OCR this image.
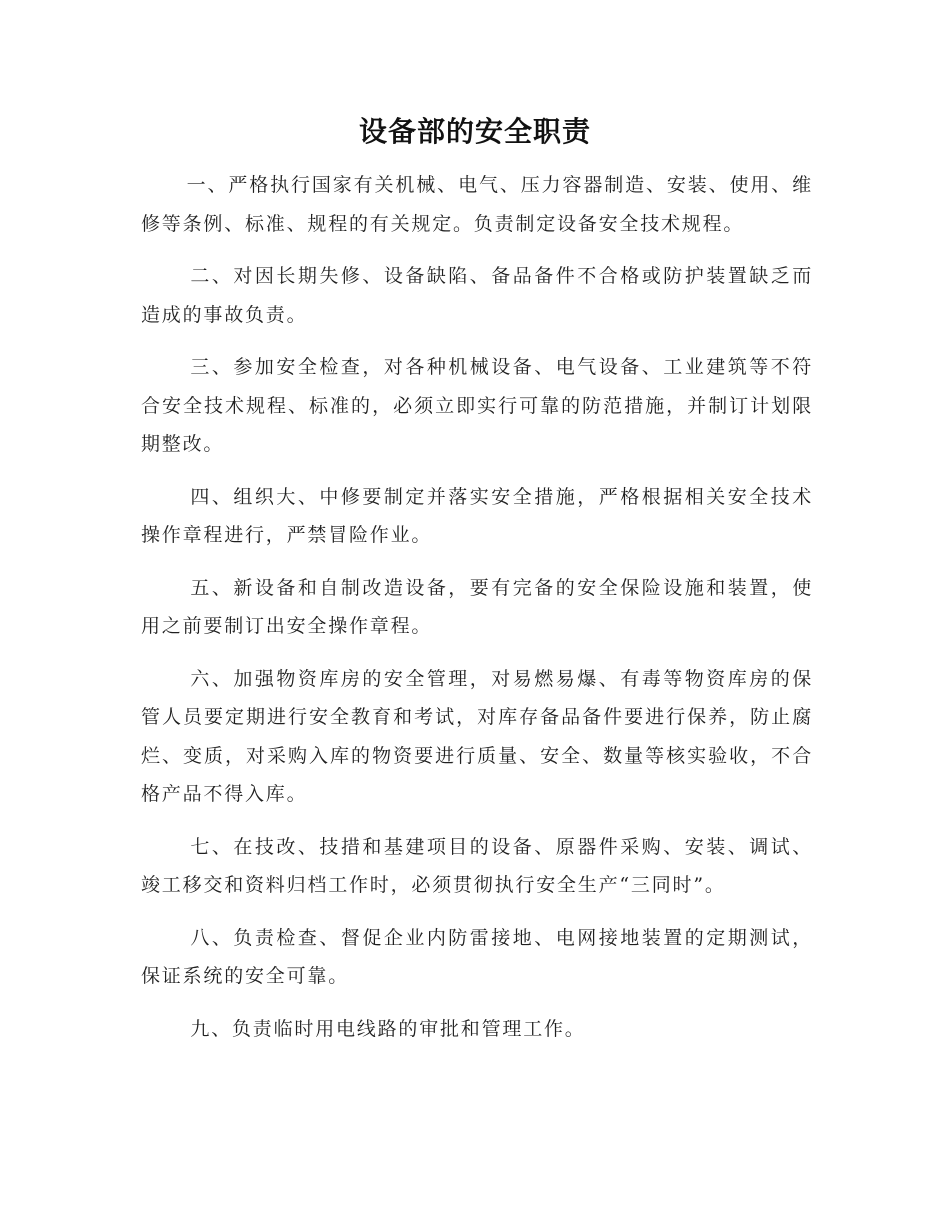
设备部的安全职责

一、严格执行国家有关机械、电气、压力容器制造、安装、使用、维修等条例、标准、规程的有关规定。负责制定设备安全技术规程。

二、对因长期失修、设备缺陷、备品备件不合格或防护装置缺乏而造成的事故负责。

三、参加安全检查，对各种机械设备、电气设备、工业建筑等不符合安全技术规程、标准的，必须立即实行可靠的防范措施，并制订计划限期整改。

四、组织大、中修要制定并落实安全措施，严格根据相关安全技术操作章程进行，严禁冒险作业。

五、新设备和自制改造设备，要有完备的安全保险设施和装置，使用之前要制订出安全操作章程。

六、加强物资库房的安全管理，对易燃易爆、有毒等物资库房的保管人员要定期进行安全教育和考试，对库存备品备件要进行保养，防止腐烂、变质，对采购入库的物资要进行质量、安全、数量等核实验收，不合格产品不得入库。

七、在技改、技措和基建项目的设备、原器件采购、安装、调试、竣工移交和资料归档工作时，必须贯彻执行安全生产“三同时”。

八、负责检查、督促企业内防雷接地、电网接地装置的定期测试，保证系统的安全可靠。

九、负责临时用电线路的审批和管理工作。
